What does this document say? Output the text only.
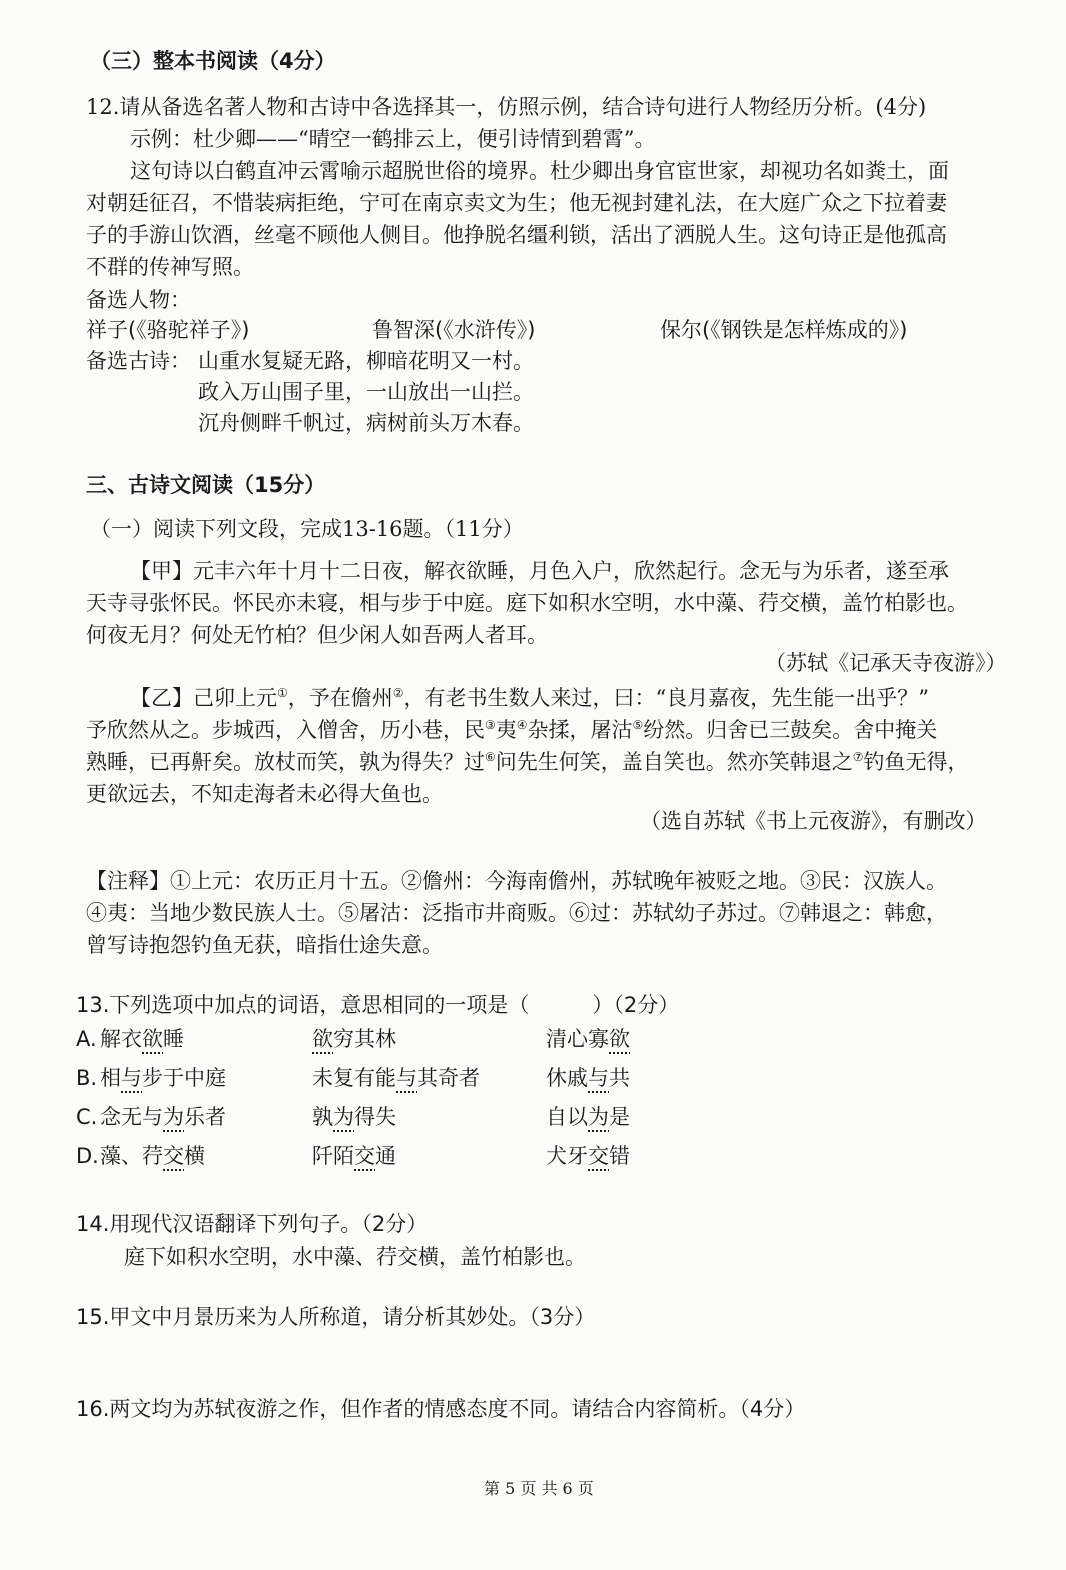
（三）整本书阅读（4分）
12.请从备选名著人物和古诗中各选择其一，仿照示例，结合诗句进行人物经历分析。(4分)
示例：杜少卿——“晴空一鹤排云上，便引诗情到碧霄”。
这句诗以白鹤直冲云霄喻示超脱世俗的境界。杜少卿出身官宦世家，却视功名如粪土，面
对朝廷征召，不惜装病拒绝，宁可在南京卖文为生；他无视封建礼法，在大庭广众之下拉着妻
子的手游山饮酒，丝毫不顾他人侧目。他挣脱名缰利锁，活出了洒脱人生。这句诗正是他孤高
不群的传神写照。
备选人物：
祥子(《骆驼祥子》)	鲁智深(《水浒传》)	保尔(《钢铁是怎样炼成的》)
备选古诗： 山重水复疑无路，柳暗花明又一村。
政入万山围子里，一山放出一山拦。
沉舟侧畔千帆过，病树前头万木春。
三、古诗文阅读（15分）
（一）阅读下列文段，完成13-16题。（11分）
【甲】元丰六年十月十二日夜，解衣欲睡，月色入户，欣然起行。念无与为乐者，遂至承
天寺寻张怀民。怀民亦未寝，相与步于中庭。庭下如积水空明，水中藻、荇交横，盖竹柏影也。
何夜无月？何处无竹柏？但少闲人如吾两人者耳。
（苏轼《记承天寺夜游》）
【乙】己卯上元①，予在儋州②，有老书生数人来过，曰：“良月嘉夜，先生能一出乎？”
予欣然从之。步城西，入僧舍，历小巷，民③夷④杂揉，屠沽⑤纷然。归舍已三鼓矣。舍中掩关
熟睡，已再鼾矣。放杖而笑，孰为得失？过⑥问先生何笑，盖自笑也。然亦笑韩退之⑦钓鱼无得，
更欲远去，不知走海者未必得大鱼也。
（选自苏轼《书上元夜游》，有删改）
【注释】①上元：农历正月十五。②儋州：今海南儋州，苏轼晚年被贬之地。③民：汉族人。
④夷：当地少数民族人士。⑤屠沽：泛指市井商贩。⑥过：苏轼幼子苏过。⑦韩退之：韩愈，
曾写诗抱怨钓鱼无获，暗指仕途失意。
13.下列选项中加点的词语，意思相同的一项是（　　　）（2分）
A. 解衣欲睡	欲穷其林	清心寡欲
B. 相与步于中庭	未复有能与其奇者	休戚与共
C. 念无与为乐者	孰为得失	自以为是
D. 藻、荇交横	阡陌交通	犬牙交错
14.用现代汉语翻译下列句子。（2分）
庭下如积水空明，水中藻、荇交横，盖竹柏影也。
15.甲文中月景历来为人所称道，请分析其妙处。（3分）
16.两文均为苏轼夜游之作，但作者的情感态度不同。请结合内容简析。（4分）
第 5 页 共 6 页
